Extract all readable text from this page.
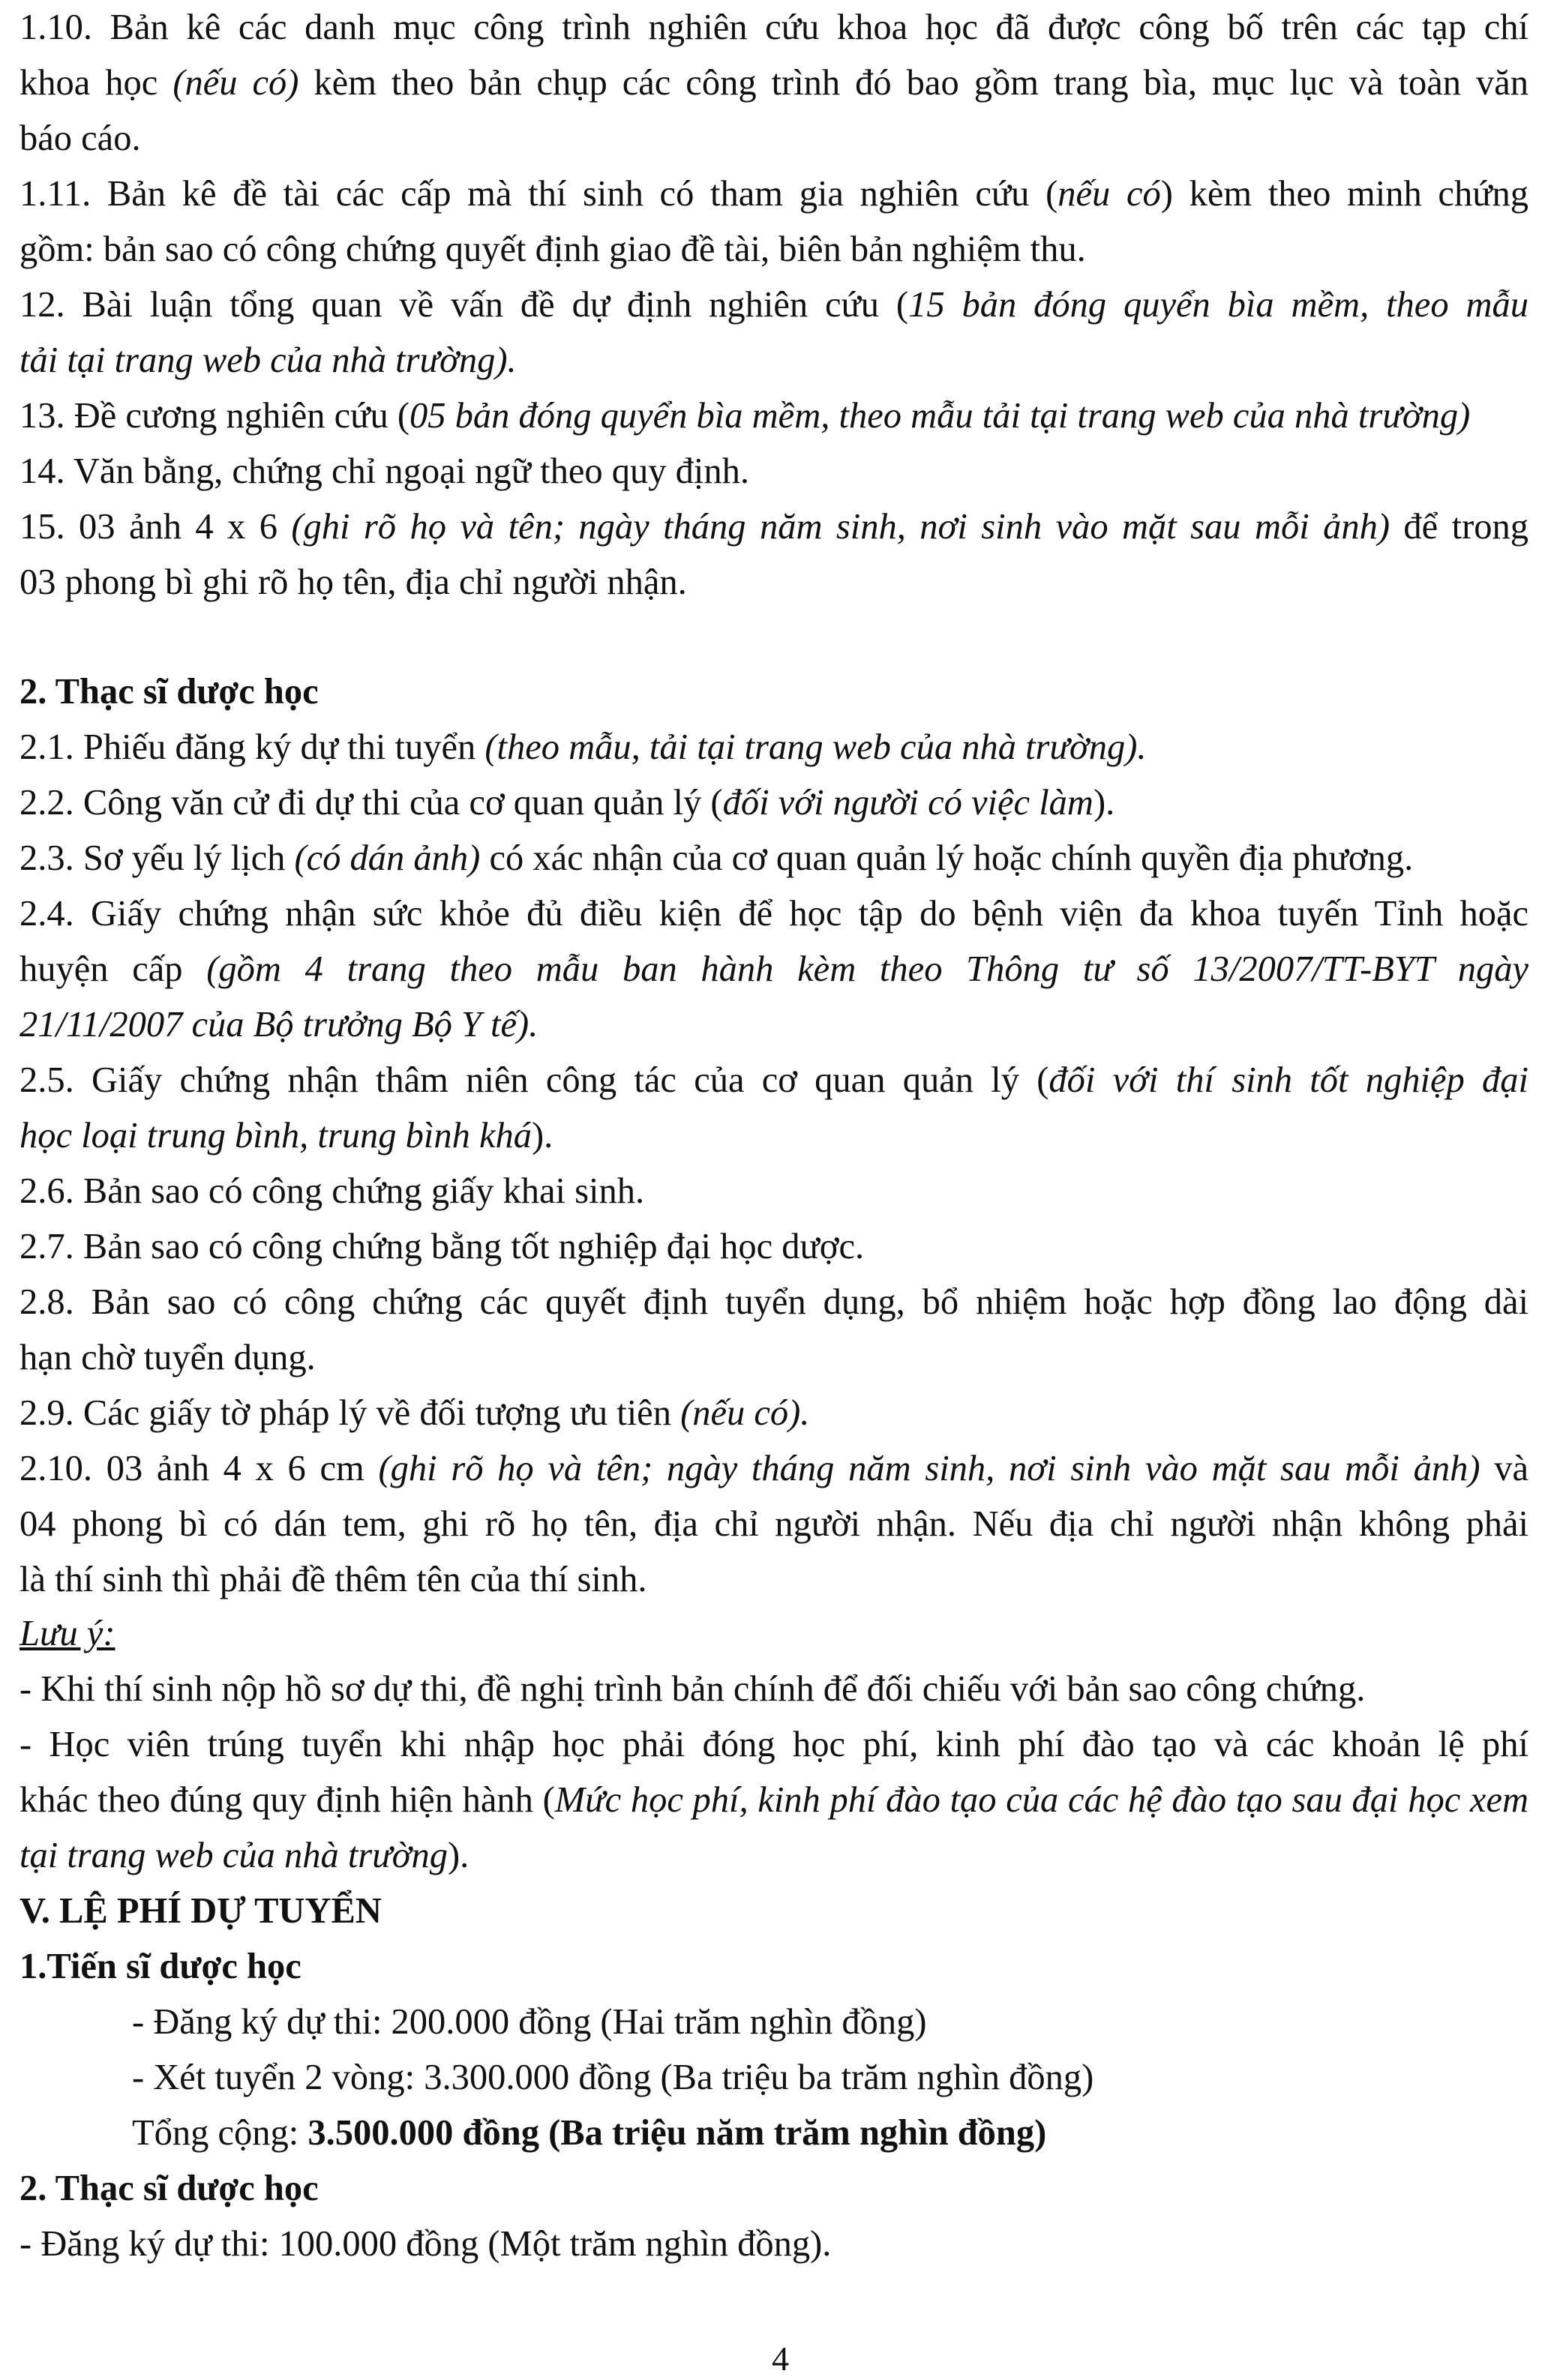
1.10. Bản kê các danh mục công trình nghiên cứu khoa học đã được công bố trên các tạp chí
khoa học (nếu có) kèm theo bản chụp các công trình đó bao gồm trang bìa, mục lục và toàn văn
báo cáo.
1.11. Bản kê đề tài các cấp mà thí sinh có tham gia nghiên cứu (nếu có) kèm theo minh chứng
gồm: bản sao có công chứng quyết định giao đề tài, biên bản nghiệm thu.
12. Bài luận tổng quan về vấn đề dự định nghiên cứu (15 bản đóng quyển bìa mềm, theo mẫu
tải tại trang web của nhà trường).
13. Đề cương nghiên cứu (05 bản đóng quyển bìa mềm, theo mẫu tải tại trang web của nhà trường)
14. Văn bằng, chứng chỉ ngoại ngữ theo quy định.
15. 03 ảnh 4 x 6 (ghi rõ họ và tên; ngày tháng năm sinh, nơi sinh vào mặt sau mỗi ảnh) để trong
03 phong bì ghi rõ họ tên, địa chỉ người nhận.
2. Thạc sĩ dược học
2.1. Phiếu đăng ký dự thi tuyển (theo mẫu, tải tại trang web của nhà trường).
2.2. Công văn cử đi dự thi của cơ quan quản lý (đối với người có việc làm).
2.3. Sơ yếu lý lịch (có dán ảnh) có xác nhận của cơ quan quản lý hoặc chính quyền địa phương.
2.4. Giấy chứng nhận sức khỏe đủ điều kiện để học tập do bệnh viện đa khoa tuyến Tỉnh hoặc
huyện cấp (gồm 4 trang theo mẫu ban hành kèm theo Thông tư số 13/2007/TT-BYT ngày
21/11/2007 của Bộ trưởng Bộ Y tế).
2.5. Giấy chứng nhận thâm niên công tác của cơ quan quản lý (đối với thí sinh tốt nghiệp đại
học loại trung bình, trung bình khá).
2.6. Bản sao có công chứng giấy khai sinh.
2.7. Bản sao có công chứng bằng tốt nghiệp đại học dược.
2.8. Bản sao có công chứng các quyết định tuyển dụng, bổ nhiệm hoặc hợp đồng lao động dài
hạn chờ tuyển dụng.
2.9. Các giấy tờ pháp lý về đối tượng ưu tiên (nếu có).
2.10. 03 ảnh 4 x 6 cm (ghi rõ họ và tên; ngày tháng năm sinh, nơi sinh vào mặt sau mỗi ảnh) và
04 phong bì có dán tem, ghi rõ họ tên, địa chỉ người nhận. Nếu địa chỉ người nhận không phải
là thí sinh thì phải đề thêm tên của thí sinh.
Lưu ý:
- Khi thí sinh nộp hồ sơ dự thi, đề nghị trình bản chính để đối chiếu với bản sao công chứng.
- Học viên trúng tuyển khi nhập học phải đóng học phí, kinh phí đào tạo và các khoản lệ phí
khác theo đúng quy định hiện hành (Mức học phí, kinh phí đào tạo của các hệ đào tạo sau đại học xem
tại trang web của nhà trường).
V. LỆ PHÍ DỰ TUYỂN
1.Tiến sĩ dược học
- Đăng ký dự thi: 200.000 đồng (Hai trăm nghìn đồng)
- Xét tuyển 2 vòng: 3.300.000 đồng (Ba triệu ba trăm nghìn đồng)
Tổng cộng: 3.500.000 đồng (Ba triệu năm trăm nghìn đồng)
2. Thạc sĩ dược học
- Đăng ký dự thi: 100.000 đồng (Một trăm nghìn đồng).
4
